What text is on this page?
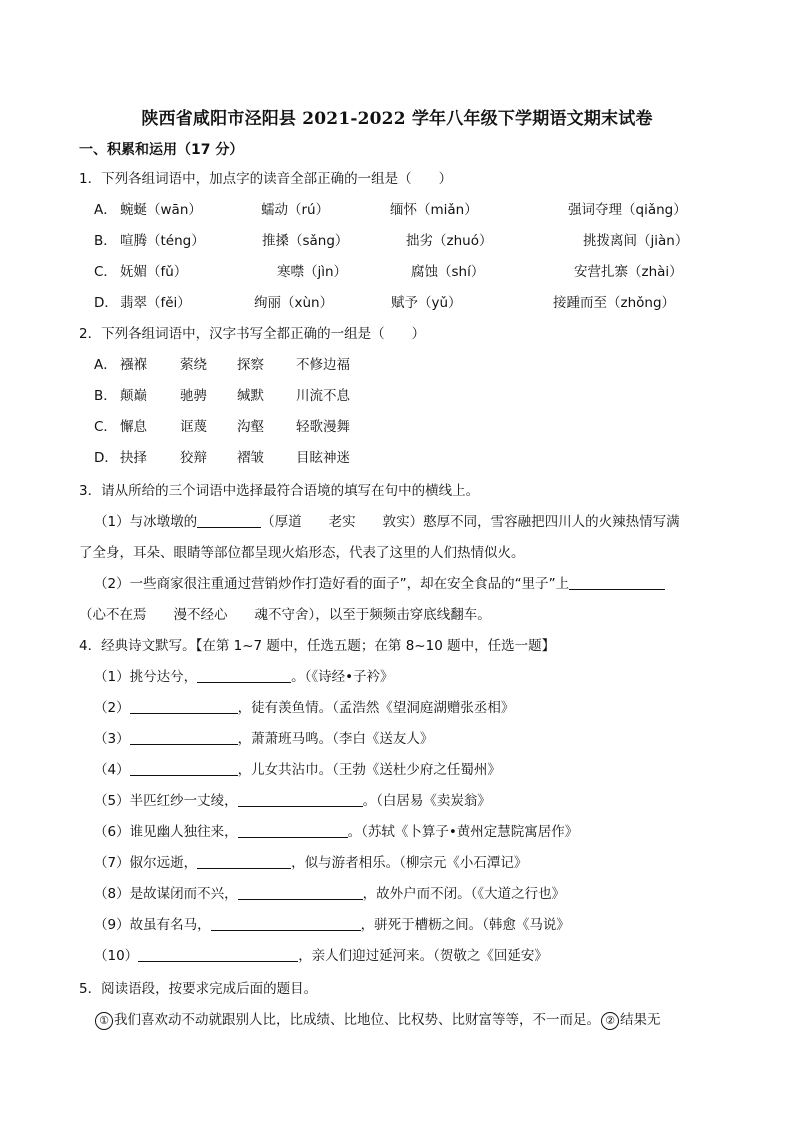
陕西省咸阳市泾阳县 2021-2022 学年八年级下学期语文期末试卷
一、积累和运用（17 分）
1．下列各组词语中，加点字的读音全部正确的一组是（　　）
A． 蜿蜒（wān）	蠕动（rú）	缅怀（miǎn）	强词夺理（qiǎng）
B． 喧腾（téng）	推搡（sǎng）	拙劣（zhuó）	挑拨离间（jiàn）
C． 妩媚（fǔ）	寒噤（jìn）	腐蚀（shí）	安营扎寨（zhài）
D． 翡翠（fěi）	绚丽（xùn）	赋予（yǔ）	接踵而至（zhǒng）
2．下列各组词语中，汉字书写全都正确的一组是（　　）
A． 襁褓 萦绕 探察 不修边福
B． 颠巅 驰骋 缄默 川流不息
C． 懈息 诓蔑 沟壑 轻歌漫舞
D． 抉择 狡辩 褶皱 目眩神迷
3．请从所给的三个词语中选择最符合语境的填写在句中的横线上。
（1）与冰墩墩的	（厚道　　老实　　敦实）憨厚不同，雪容融把四川人的火辣热情写满
了全身，耳朵、眼睛等部位都呈现火焰形态，代表了这里的人们热情似火。
（2）一些商家很注重通过营销炒作打造好看的面子”，却在安全食品的“里子”上
（心不在焉　　漫不经心　　魂不守舍），以至于频频击穿底线翻车。
4．经典诗文默写。【在第 1~7 题中，任选五题；在第 8~10 题中，任选一题】
（1）挑兮达兮，	。（《诗经•子衿》
（2）	，徒有羡鱼情。（孟浩然《望洞庭湖赠张丞相》
（3）	，萧萧班马鸣。（李白《送友人》
（4）	，儿女共沾巾。（王勃《送杜少府之任蜀州》
（5）半匹红纱一丈绫，	。（白居易《卖炭翁》
（6）谁见幽人独往来，	。（苏轼《卜算子•黄州定慧院寓居作》
（7）俶尔远逝，	，似与游者相乐。（柳宗元《小石潭记》
（8）是故谋闭而不兴，	，故外户而不闭。（《大道之行也》
（9）故虽有名马，	，骈死于槽枥之间。（韩愈《马说》
（10）	，亲人们迎过延河来。（贺敬之《回延安》
5．阅读语段，按要求完成后面的题目。
① 我们喜欢动不动就跟别人比，比成绩、比地位、比权势、比财富等等，不一而足。 ② 结果无
